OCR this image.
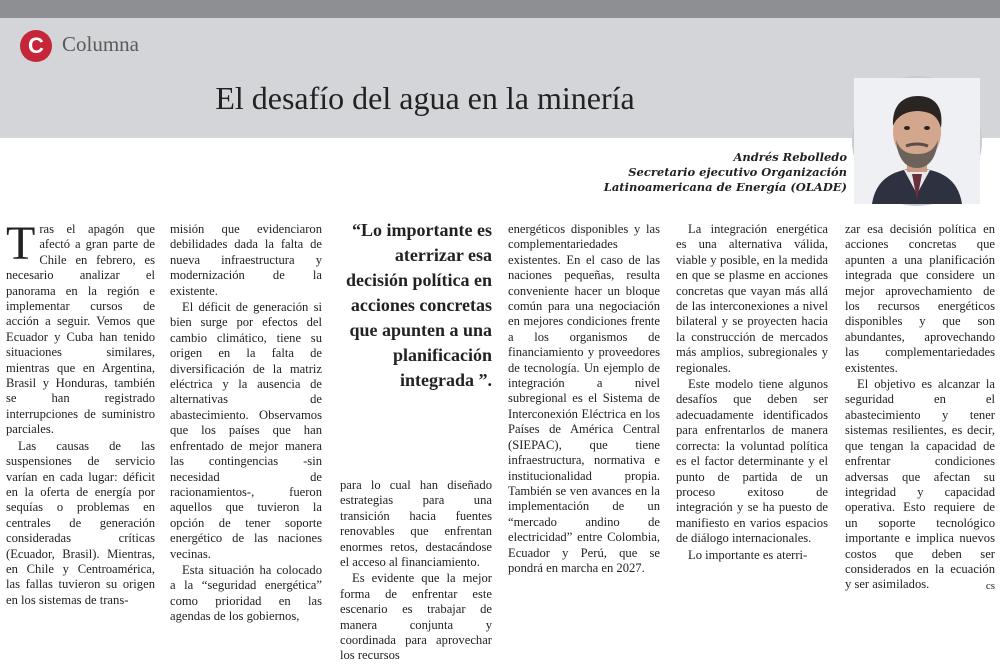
C Columna
El desafío del agua en la minería
Andrés Rebolledo
Secretario ejecutivo Organización Latinoamericana de Energía (OLADE)

Tras el apagón que afectó a gran parte de Chile en febrero, es necesario analizar el panorama en la región e implementar cursos de acción a seguir. Vemos que Ecuador y Cuba han tenido situaciones similares, mientras que en Argentina, Brasil y Honduras, también se han registrado interrupciones de suministro parciales.

Las causas de las suspensiones de servicio varían en cada lugar: déficit en la oferta de energía por sequías o problemas en centrales de generación consideradas críticas (Ecuador, Brasil). Mientras, en Chile y Centroamérica, las fallas tuvieron su origen en los sistemas de trans-

misión que evidenciaron debilidades dada la falta de nueva infraestructura y modernización de la existente.

El déficit de generación si bien surge por efectos del cambio climático, tiene su origen en la falta de diversificación de la matriz eléctrica y la ausencia de alternativas de abastecimiento. Observamos que los países que han enfrentado de mejor manera las contingencias -sin necesidad de racionamientos-, fueron aquellos que tuvieron la opción de tener soporte energético de las naciones vecinas.

Esta situación ha colocado a la “seguridad energética” como prioridad en las agendas de los gobiernos,

“Lo importante es aterrizar esa decisión política en acciones concretas que apunten a una planificación integrada ”.

para lo cual han diseñado estrategias para una transición hacia fuentes renovables que enfrentan enormes retos, destacándose el acceso al financiamiento.

Es evidente que la mejor forma de enfrentar este escenario es trabajar de manera conjunta y coordinada para aprovechar los recursos

energéticos disponibles y las complementariedades existentes. En el caso de las naciones pequeñas, resulta conveniente hacer un bloque común para una negociación en mejores condiciones frente a los organismos de financiamiento y proveedores de tecnología. Un ejemplo de integración a nivel subregional es el Sistema de Interconexión Eléctrica en los Países de América Central (SIEPAC), que tiene infraestructura, normativa e institucionalidad propia. También se ven avances en la implementación de un “mercado andino de electricidad” entre Colombia, Ecuador y Perú, que se pondrá en marcha en 2027.

La integración energética es una alternativa válida, viable y posible, en la medida en que se plasme en acciones concretas que vayan más allá de las interconexiones a nivel bilateral y se proyecten hacia la construcción de mercados más amplios, subregionales y regionales.

Este modelo tiene algunos desafíos que deben ser adecuadamente identificados para enfrentarlos de manera correcta: la voluntad política es el factor determinante y el punto de partida de un proceso exitoso de integración y se ha puesto de manifiesto en varios espacios de diálogo internacionales.

Lo importante es aterri-

zar esa decisión política en acciones concretas que apunten a una planificación integrada que considere un mejor aprovechamiento de los recursos energéticos disponibles y que son abundantes, aprovechando las complementariedades existentes.

El objetivo es alcanzar la seguridad en el abastecimiento y tener sistemas resilientes, es decir, que tengan la capacidad de enfrentar condiciones adversas que afectan su integridad y capacidad operativa. Esto requiere de un soporte tecnológico importante e implica nuevos costos que deben ser considerados en la ecuación y ser asimilados.	cs
